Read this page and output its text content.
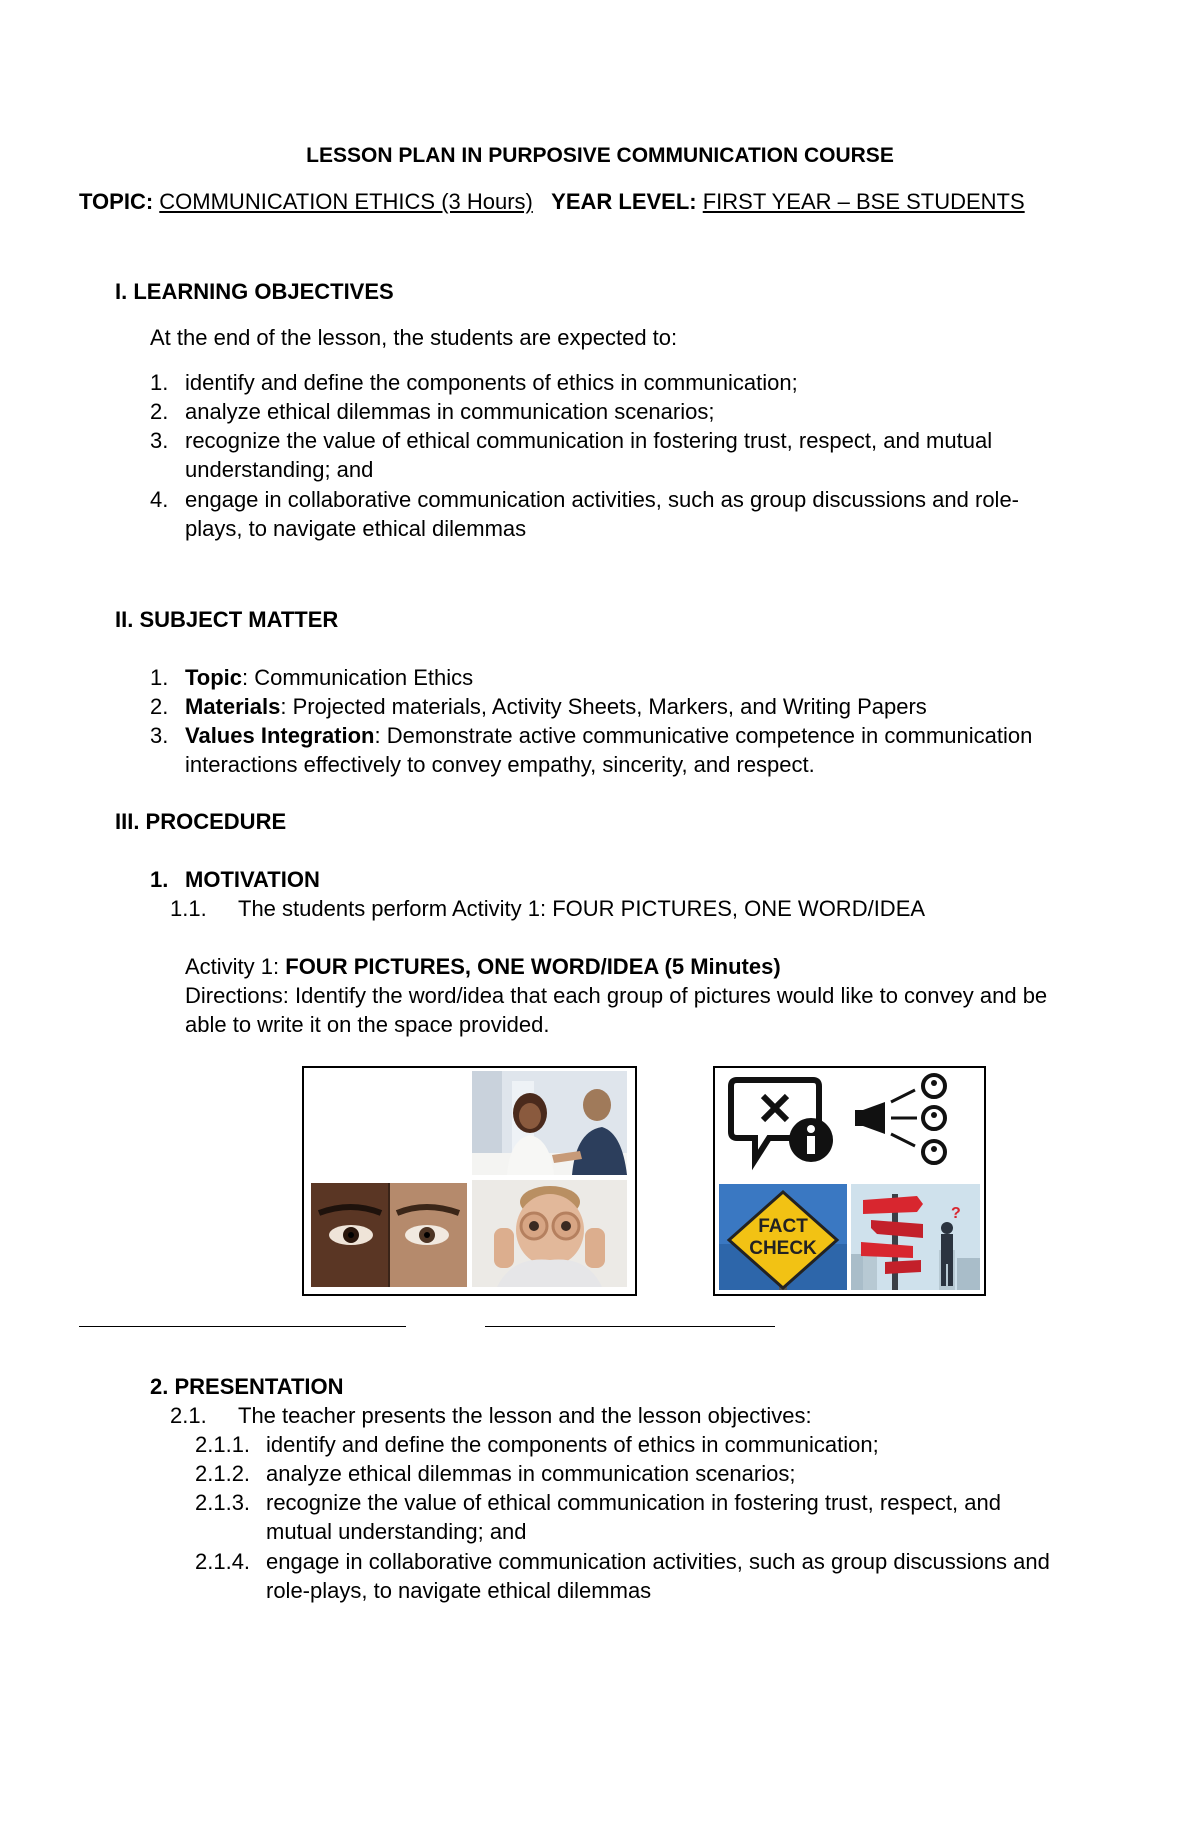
LESSON PLAN IN PURPOSIVE COMMUNICATION COURSE
TOPIC: COMMUNICATION ETHICS (3 Hours) YEAR LEVEL: FIRST YEAR – BSE STUDENTS
I. LEARNING OBJECTIVES
At the end of the lesson, the students are expected to:
1. identify and define the components of ethics in communication;
2. analyze ethical dilemmas in communication scenarios;
3. recognize the value of ethical communication in fostering trust, respect, and mutual
understanding; and
4. engage in collaborative communication activities, such as group discussions and role-
plays, to navigate ethical dilemmas
II. SUBJECT MATTER
1. Topic: Communication Ethics
2. Materials: Projected materials, Activity Sheets, Markers, and Writing Papers
3. Values Integration: Demonstrate active communicative competence in communication
interactions effectively to convey empathy, sincerity, and respect.
III. PROCEDURE
1. MOTIVATION
1.1. The students perform Activity 1: FOUR PICTURES, ONE WORD/IDEA
Activity 1: FOUR PICTURES, ONE WORD/IDEA (5 Minutes)
Directions: Identify the word/idea that each group of pictures would like to convey and be
able to write it on the space provided.
FACT
CHECK
?
2. PRESENTATION
2.1. The teacher presents the lesson and the lesson objectives:
2.1.1. identify and define the components of ethics in communication;
2.1.2. analyze ethical dilemmas in communication scenarios;
2.1.3. recognize the value of ethical communication in fostering trust, respect, and
mutual understanding; and
2.1.4. engage in collaborative communication activities, such as group discussions and
role-plays, to navigate ethical dilemmas
